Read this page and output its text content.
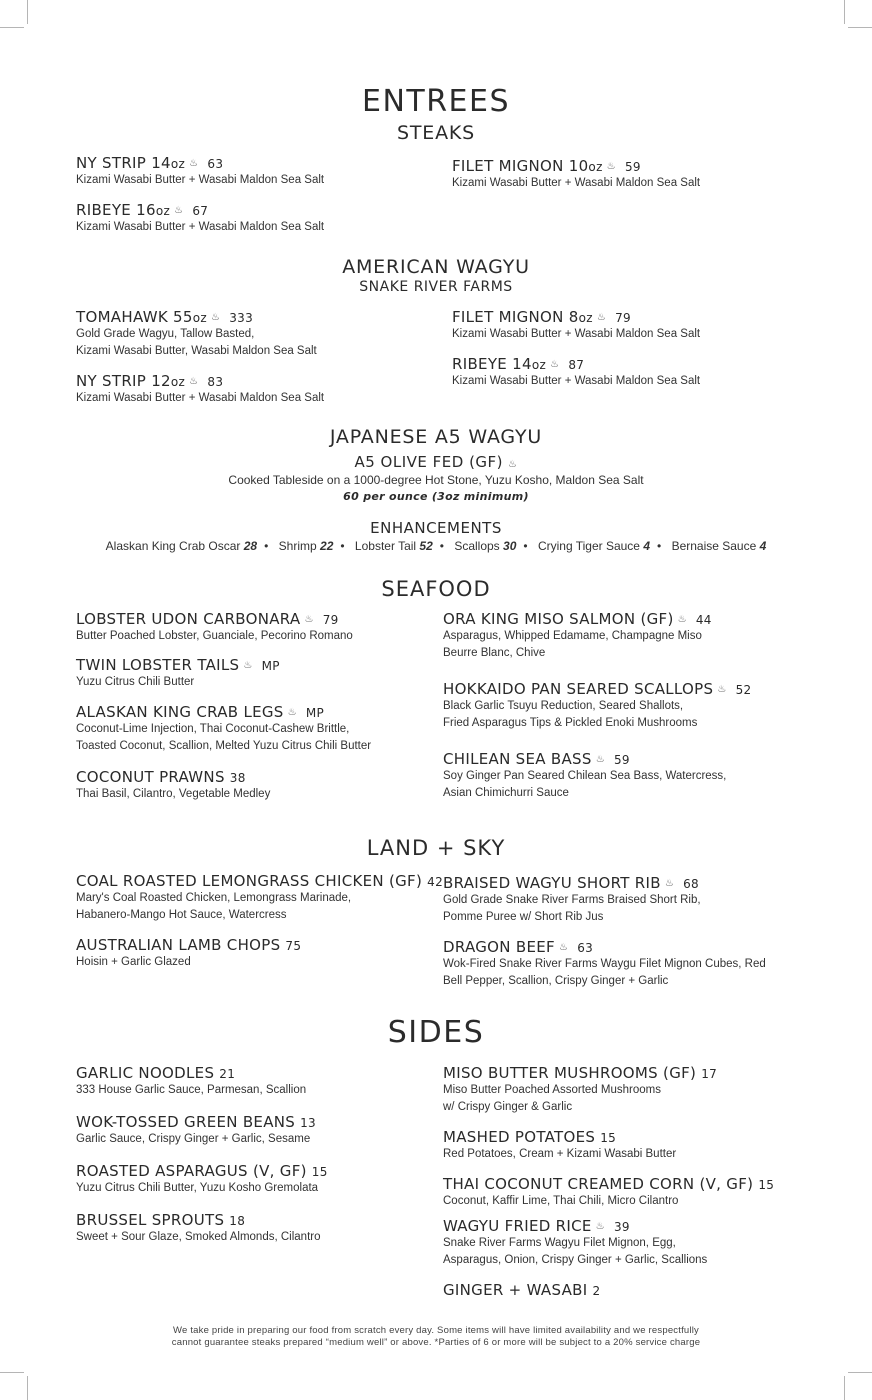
ENTREES
STEAKS
NY STRIP 14oz ♨ 63
Kizami Wasabi Butter + Wasabi Maldon Sea Salt
RIBEYE 16oz ♨ 67
Kizami Wasabi Butter + Wasabi Maldon Sea Salt
FILET MIGNON 10oz ♨ 59
Kizami Wasabi Butter + Wasabi Maldon Sea Salt
AMERICAN WAGYU
SNAKE RIVER FARMS
TOMAHAWK 55oz ♨ 333
Gold Grade Wagyu, Tallow Basted,
Kizami Wasabi Butter, Wasabi Maldon Sea Salt
NY STRIP 12oz ♨ 83
Kizami Wasabi Butter + Wasabi Maldon Sea Salt
FILET MIGNON 8oz ♨ 79
Kizami Wasabi Butter + Wasabi Maldon Sea Salt
RIBEYE 14oz ♨ 87
Kizami Wasabi Butter + Wasabi Maldon Sea Salt
JAPANESE A5 WAGYU
A5 OLIVE FED (GF) ♨
Cooked Tableside on a 1000-degree Hot Stone, Yuzu Kosho, Maldon Sea Salt
60 per ounce (3oz minimum)
ENHANCEMENTS
Alaskan King Crab Oscar 28 • Shrimp 22 • Lobster Tail 52 • Scallops 30 • Crying Tiger Sauce 4 • Bernaise Sauce 4
SEAFOOD
LOBSTER UDON CARBONARA ♨ 79
Butter Poached Lobster, Guanciale, Pecorino Romano
TWIN LOBSTER TAILS ♨ MP
Yuzu Citrus Chili Butter
ALASKAN KING CRAB LEGS ♨ MP
Coconut-Lime Injection, Thai Coconut-Cashew Brittle,
Toasted Coconut, Scallion, Melted Yuzu Citrus Chili Butter
COCONUT PRAWNS 38
Thai Basil, Cilantro, Vegetable Medley
ORA KING MISO SALMON (GF) ♨ 44
Asparagus, Whipped Edamame, Champagne Miso
Beurre Blanc, Chive
HOKKAIDO PAN SEARED SCALLOPS ♨ 52
Black Garlic Tsuyu Reduction, Seared Shallots,
Fried Asparagus Tips & Pickled Enoki Mushrooms
CHILEAN SEA BASS ♨ 59
Soy Ginger Pan Seared Chilean Sea Bass, Watercress,
Asian Chimichurri Sauce
LAND + SKY
COAL ROASTED LEMONGRASS CHICKEN (GF) 42
Mary's Coal Roasted Chicken, Lemongrass Marinade,
Habanero-Mango Hot Sauce, Watercress
AUSTRALIAN LAMB CHOPS 75
Hoisin + Garlic Glazed
BRAISED WAGYU SHORT RIB ♨ 68
Gold Grade Snake River Farms Braised Short Rib,
Pomme Puree w/ Short Rib Jus
DRAGON BEEF ♨ 63
Wok-Fired Snake River Farms Waygu Filet Mignon Cubes, Red
Bell Pepper, Scallion, Crispy Ginger + Garlic
SIDES
GARLIC NOODLES 21
333 House Garlic Sauce, Parmesan, Scallion
WOK-TOSSED GREEN BEANS 13
Garlic Sauce, Crispy Ginger + Garlic, Sesame
ROASTED ASPARAGUS (V, GF) 15
Yuzu Citrus Chili Butter, Yuzu Kosho Gremolata
BRUSSEL SPROUTS 18
Sweet + Sour Glaze, Smoked Almonds, Cilantro
MISO BUTTER MUSHROOMS (GF) 17
Miso Butter Poached Assorted Mushrooms
w/ Crispy Ginger & Garlic
MASHED POTATOES 15
Red Potatoes, Cream + Kizami Wasabi Butter
THAI COCONUT CREAMED CORN (V, GF) 15
Coconut, Kaffir Lime, Thai Chili, Micro Cilantro
WAGYU FRIED RICE ♨ 39
Snake River Farms Wagyu Filet Mignon, Egg,
Asparagus, Onion, Crispy Ginger + Garlic, Scallions
GINGER + WASABI 2
We take pride in preparing our food from scratch every day. Some items will have limited availability and we respectfully
cannot guarantee steaks prepared “medium well” or above. *Parties of 6 or more will be subject to a 20% service charge
